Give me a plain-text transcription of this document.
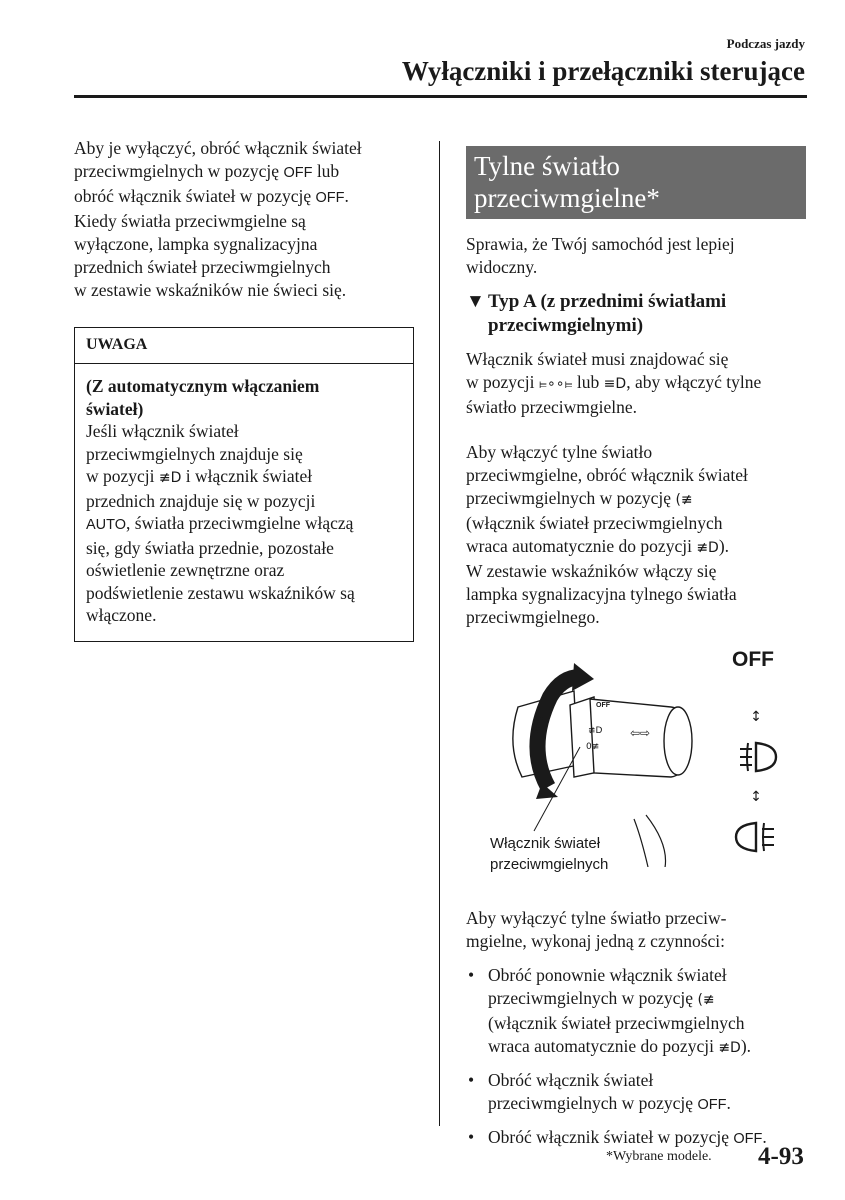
Podczas jazdy
Wyłączniki i przełączniki sterujące

Aby je wyłączyć, obróć włącznik świateł
przeciwmgielnych w pozycję OFF lub
obróć włącznik świateł w pozycję OFF.
Kiedy światła przeciwmgielne są
wyłączone, lampka sygnalizacyjna
przednich świateł przeciwmgielnych
w zestawie wskaźników nie świeci się.

UWAGA

(Z automatycznym włączaniem
świateł)

Jeśli włącznik świateł
przeciwmgielnych znajduje się
w pozycji ≢D i włącznik świateł
przednich znajduje się w pozycji
AUTO, światła przeciwmgielne włączą
się, gdy światła przednie, pozostałe
oświetlenie zewnętrzne oraz
podświetlenie zestawu wskaźników są
włączone.

Tylne światło
przeciwmgielne*

Sprawia, że Twój samochód jest lepiej
widoczny.

▼ Typ A (z przednimi światłami
przeciwmgielnymi)

Włącznik świateł musi znajdować się
w pozycji ⫢∘∘⫢ lub ≡D, aby włączyć tylne
światło przeciwmgielne.

Aby włączyć tylne światło
przeciwmgielne, obróć włącznik świateł
przeciwmgielnych w pozycję (≢
(włącznik świateł przeciwmgielnych
wraca automatycznie do pozycji ≢D).
W zestawie wskaźników włączy się
lampka sygnalizacyjna tylnego światła
przeciwmgielnego.

OFF
AUTO	⇦⇨
≢D
0≢
↕
↕
OFF
Włącznik świateł
przeciwmgielnych

Aby wyłączyć tylne światło przeciw-
mgielne, wykonaj jedną z czynności:

• Obróć ponownie włącznik świateł
przeciwmgielnych w pozycję (≢
(włącznik świateł przeciwmgielnych
wraca automatycznie do pozycji ≢D).
• Obróć włącznik świateł
przeciwmgielnych w pozycję OFF.
• Obróć włącznik świateł w pozycję OFF.
*Wybrane modele. 4-93
